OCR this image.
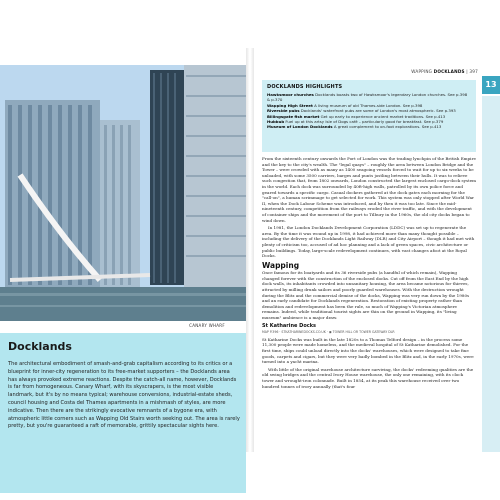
CANARY WHARF
Docklands
The architectural embodiment of smash-and-grab capitalism according to its critics or a blueprint for inner-city regeneration to its free-market supporters – the Docklands area has always provoked extreme reactions. Despite the catch-all name, however, Docklands is far from homogeneous. Canary Wharf, with its skyscrapers, is the most visible landmark, but it's by no means typical; warehouse conversions, industrial-estate sheds, council housing and Costa del Thames apartments in a mishmash of styles, are more indicative. Then there are the strikingly evocative remnants of a bygone era, with atmospheric little corners such as Wapping Old Stairs worth seeking out. The area is rarely pretty, but you're guaranteed a raft of memorable, grittily spectacular sights here.
WAPPING DOCKLANDS | 397
13
DOCKLANDS HIGHLIGHTS
Hawksmoor churches Docklands boasts two of Hawksmoor's legendary London churches. See p.398 & p.370
Wapping High Street A living museum of old Thames-side London. See p.398
Riverside pubs Docklands' waterfront pubs are some of London's most atmospheric. See p.393
Billingsgate fish market Get up early to experience ancient market traditions. See p.413
Hubbub Fuel up at this artsy Isle of Dogs café – particularly good for breakfast. See p.379
Museum of London Docklands A great complement to on-foot explorations. See p.413

From the sixteenth century onwards the Port of London was the trading lynchpin of the British Empire and the key to the city's wealth. The "legal quays" – roughly the area between London Bridge and the Tower – were crowded with as many as 1400 seagoing vessels forced to wait for up to six weeks to be unloaded, with some 3500 carriers, barges and punts jostling between their hulls. It was to relieve such congestion that, from 1802 onwards, London constructed the largest enclosed cargo-dock system in the world. Each dock was surrounded by 40ft-high walls, patrolled by its own police force and geared towards a specific cargo. Casual dockers gathered at the dock gates each morning for the "call-on", a human scrimmage to get selected for work. This system was only stopped after World War II, when the Dock Labour Scheme was introduced, and by then it was too late. Since the mid-nineteenth century, competition from the railways eroded the river traffic, and with the development of container ships and the movement of the port to Tilbury in the 1960s, the old city docks began to wind down.

In 1981, the London Docklands Development Corporation (LDDC) was set up to regenerate the area. By the time it was wound up in 1998, it had achieved more than many thought possible – including the delivery of the Docklands Light Railway (DLR) and City Airport – though it had met with plenty of criticism too, accused of ad hoc planning and a lack of green spaces, civic architecture or public buildings. Today, large-scale redevelopment continues, with vast changes afoot at the Royal Docks.

Wapping

Once famous for its boatyards and its 36 riverside pubs (a handful of which remain), Wapping changed forever with the construction of the enclosed docks. Cut off from the East End by the high dock walls, its inhabitants crowded into unsanitary housing, the area became notorious for thieves, attracted by milling drunk sailors and poorly guarded warehouses. With the destruction wrought during the Blitz and the commercial demise of the docks, Wapping was very run down by the 1980s and an early candidate for Docklands regeneration. Restoration of existing property rather than demolition and redevelopment has been the rule, so much of Wapping's Victorian atmosphere remains. Indeed, while traditional tourist sights are thin on the ground in Wapping, its "living museum" ambience is a major draw.

St Katharine Docks
MAP P.396 · STKATHARINEDOCKS.CO.UK · ◉ TOWER HILL OR TOWER GATEWAY DLR

St Katharine Docks was built in the late 1820s to a Thomas Telford design – in the process some 11,300 people were made homeless, and the medieval hospital of St Katharine demolished. For the first time, ships could unload directly into the docks' warehouses, which were designed to take fine goods, carpets and cigars, but they were very badly bombed in the Blitz and, in the early 1970s, were turned into a yacht marina.

With little of the original warehouse architecture surviving, the docks' redeeming qualities are the old swing bridges and the central Ivory House warehouse, the only one remaining, with its clock tower and wrought-iron colonnade. Built in 1854, at its peak this warehouse received over two hundred tonnes of ivory annually (that's four
